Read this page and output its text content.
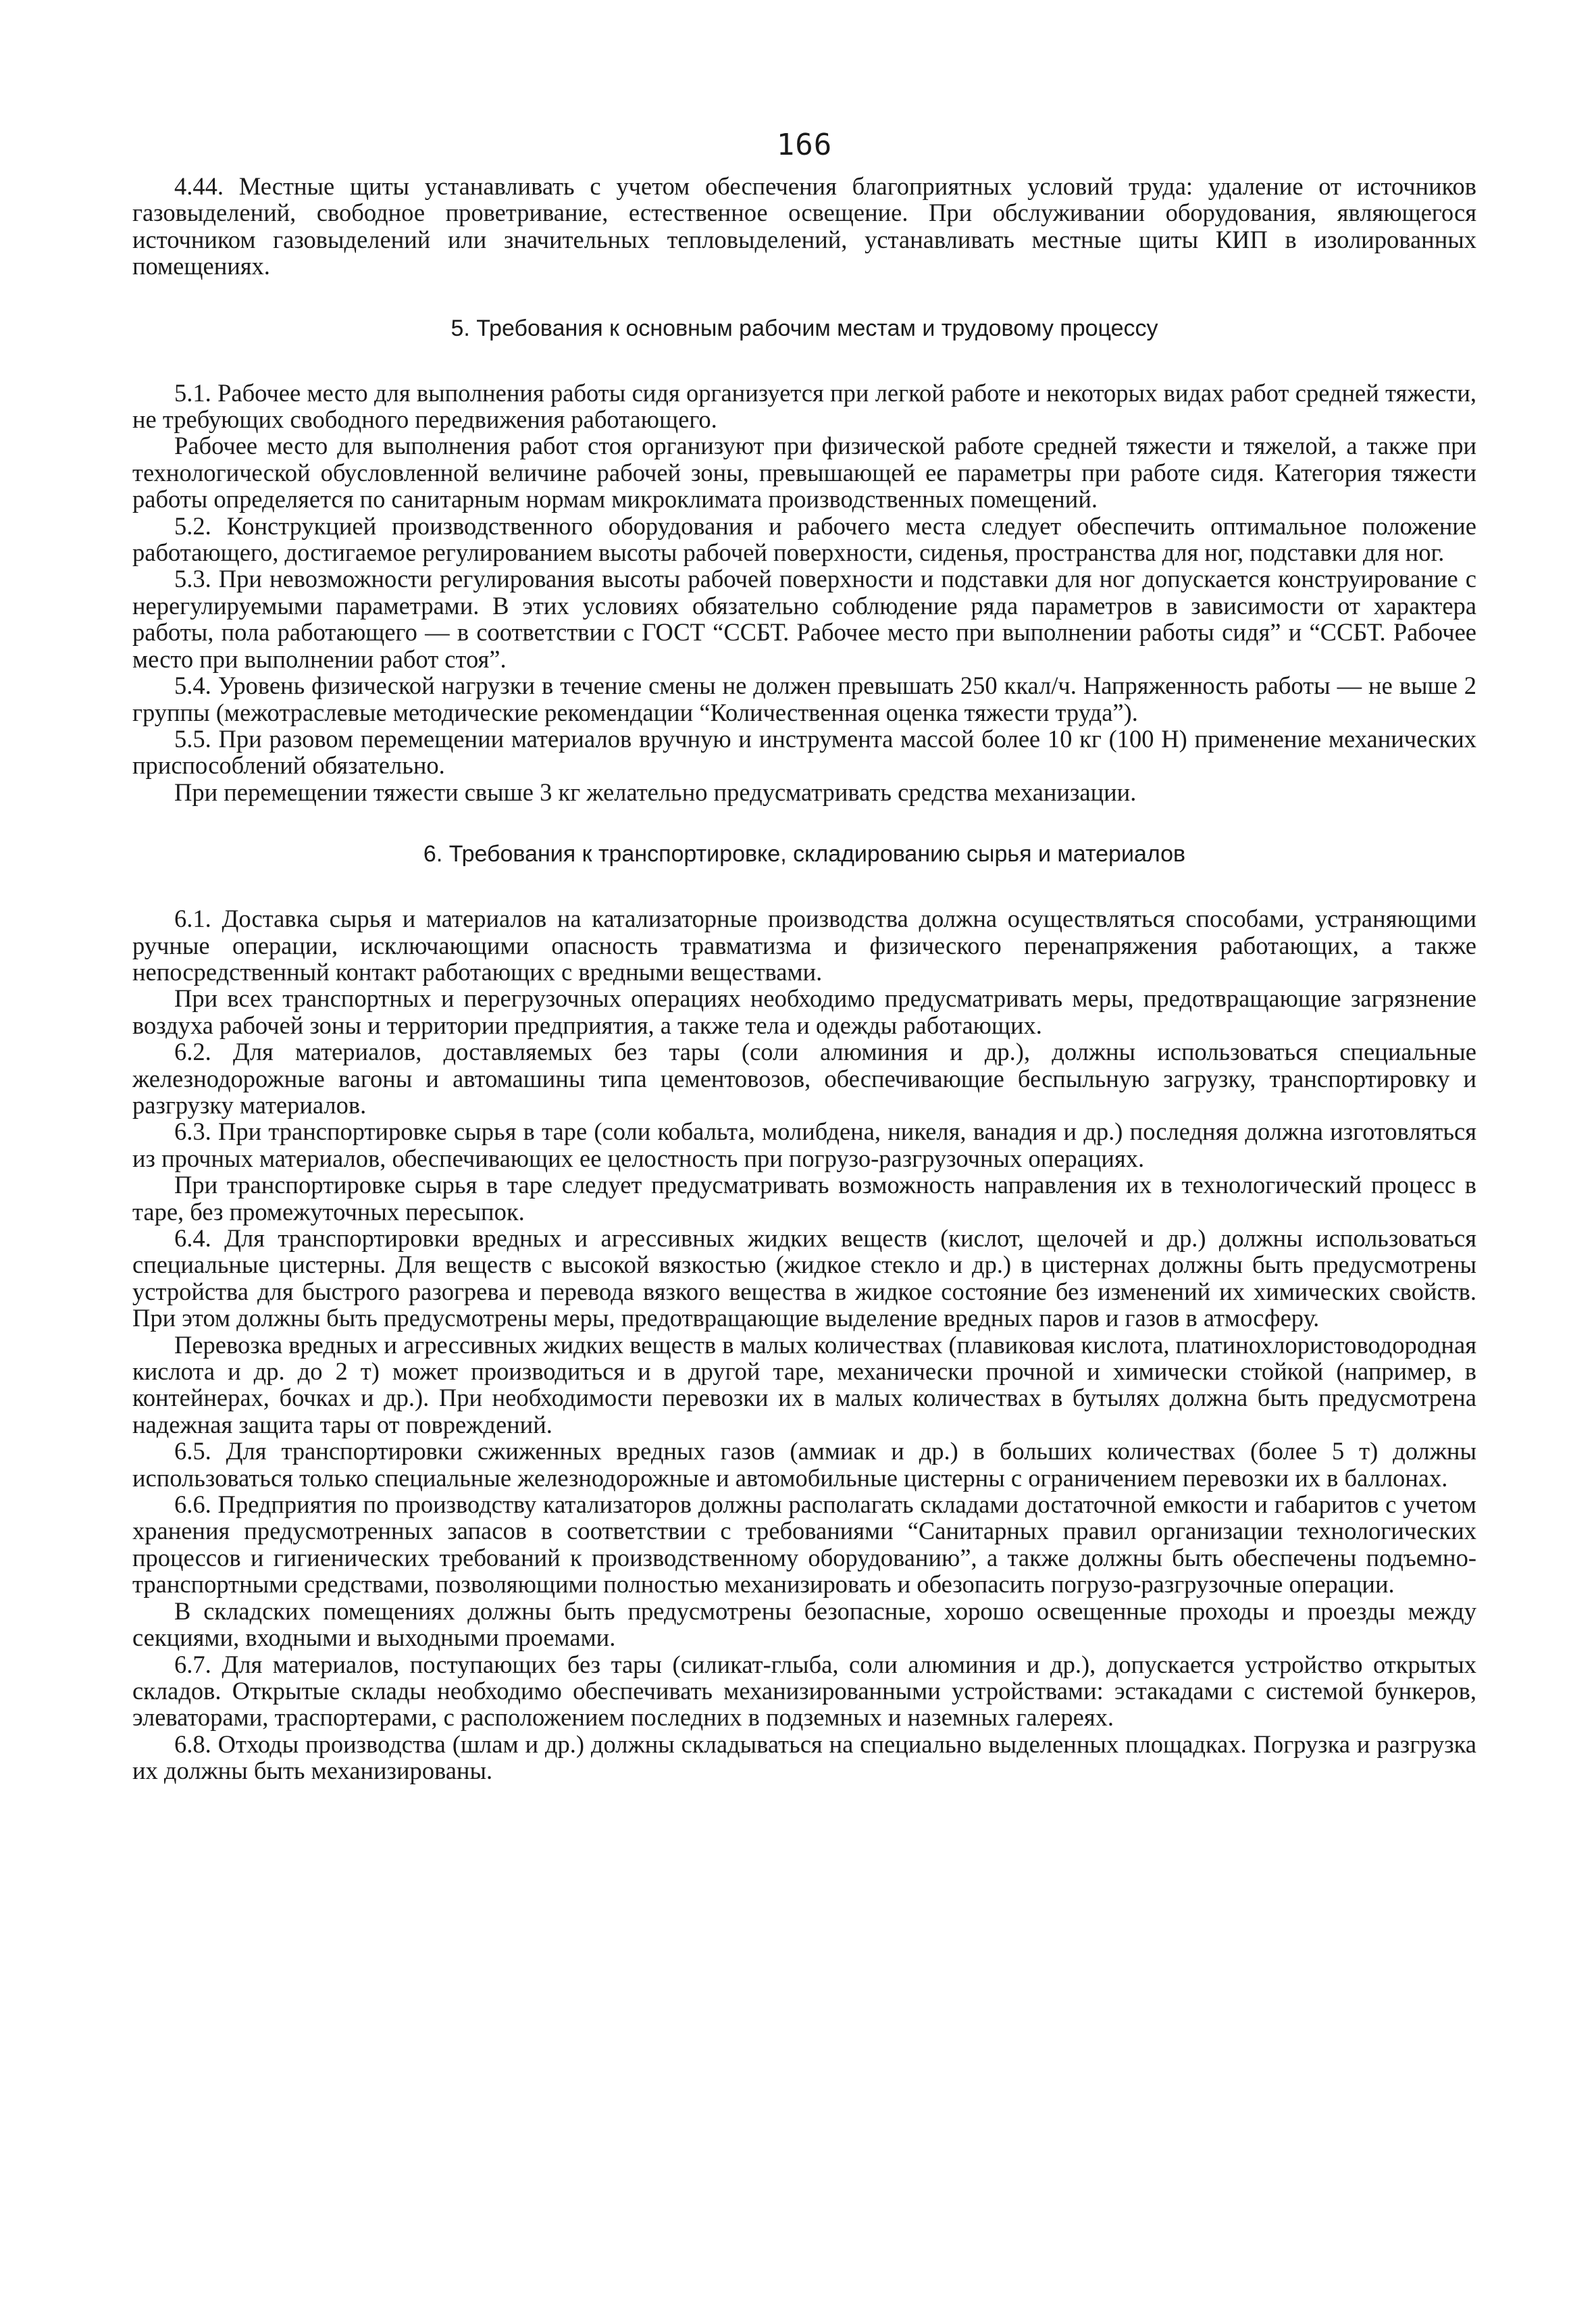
166

4.44. Местные щиты устанавливать с учетом обеспечения благоприятных условий труда: удаление от источников газовыделений, свободное проветривание, естественное освещение. При обслуживании оборудования, являющегося источником газовыделений или значительных тепловыделений, устанавливать местные щиты КИП в изолированных помещениях.

5. Требования к основным рабочим местам и трудовому процессу

5.1. Рабочее место для выполнения работы сидя организуется при легкой работе и некоторых видах работ средней тяжести, не требующих свободного передвижения работающего.

Рабочее место для выполнения работ стоя организуют при физической работе средней тяжести и тяжелой, а также при технологической обусловленной величине рабочей зоны, превышающей ее параметры при работе сидя. Категория тяжести работы определяется по санитарным нормам микроклимата производственных помещений.

5.2. Конструкцией производственного оборудования и рабочего места следует обеспечить оптимальное положение работающего, достигаемое регулированием высоты рабочей поверхности, сиденья, пространства для ног, подставки для ног.

5.3. При невозможности регулирования высоты рабочей поверхности и подставки для ног допускается конструирование с нерегулируемыми параметрами. В этих условиях обязательно соблюдение ряда параметров в зависимости от характера работы, пола работающего — в соответствии с ГОСТ “ССБТ. Рабочее место при выполнении работы сидя” и “ССБТ. Рабочее место при выполнении работ стоя”.

5.4. Уровень физической нагрузки в течение смены не должен превышать 250 ккал/ч. Напряженность работы — не выше 2 группы (межотраслевые методические рекомендации “Количественная оценка тяжести труда”).

5.5. При разовом перемещении материалов вручную и инструмента массой более 10 кг (100 Н) применение механических приспособлений обязательно.

При перемещении тяжести свыше 3 кг желательно предусматривать средства механизации.

6. Требования к транспортировке, складированию сырья и материалов

6.1. Доставка сырья и материалов на катализаторные производства должна осуществляться способами, устраняющими ручные операции, исключающими опасность травматизма и физического перенапряжения работающих, а также непосредственный контакт работающих с вредными веществами.

При всех транспортных и перегрузочных операциях необходимо предусматривать меры, предотвращающие загрязнение воздуха рабочей зоны и территории предприятия, а также тела и одежды работающих.

6.2. Для материалов, доставляемых без тары (соли алюминия и др.), должны использоваться специальные железнодорожные вагоны и автомашины типа цементовозов, обеспечивающие беспыльную загрузку, транспортировку и разгрузку материалов.

6.3. При транспортировке сырья в таре (соли кобальта, молибдена, никеля, ванадия и др.) последняя должна изготовляться из прочных материалов, обеспечивающих ее целостность при погрузо-разгрузочных операциях.

При транспортировке сырья в таре следует предусматривать возможность направления их в технологический процесс в таре, без промежуточных пересыпок.

6.4. Для транспортировки вредных и агрессивных жидких веществ (кислот, щелочей и др.) должны использоваться специальные цистерны. Для веществ с высокой вязкостью (жидкое стекло и др.) в цистернах должны быть предусмотрены устройства для быстрого разогрева и перевода вязкого вещества в жидкое состояние без изменений их химических свойств. При этом должны быть предусмотрены меры, предотвращающие выделение вредных паров и газов в атмосферу.

Перевозка вредных и агрессивных жидких веществ в малых количествах (плавиковая кислота, платинохлористоводородная кислота и др. до 2 т) может производиться и в другой таре, механически прочной и химически стойкой (например, в контейнерах, бочках и др.). При необходимости перевозки их в малых количествах в бутылях должна быть предусмотрена надежная защита тары от повреждений.

6.5. Для транспортировки сжиженных вредных газов (аммиак и др.) в больших количествах (более 5 т) должны использоваться только специальные железнодорожные и автомобильные цистерны с ограничением перевозки их в баллонах.

6.6. Предприятия по производству катализаторов должны располагать складами достаточной емкости и габаритов с учетом хранения предусмотренных запасов в соответствии с требованиями “Санитарных правил организации технологических процессов и гигиенических требований к производственному оборудованию”, а также должны быть обеспечены подъемно-транспортными средствами, позволяющими полностью механизировать и обезопасить погрузо-разгрузочные операции.

В складских помещениях должны быть предусмотрены безопасные, хорошо освещенные проходы и проезды между секциями, входными и выходными проемами.

6.7. Для материалов, поступающих без тары (силикат-глыба, соли алюминия и др.), допускается устройство открытых складов. Открытые склады необходимо обеспечивать механизированными устройствами: эстакадами с системой бункеров, элеваторами, траспортерами, с расположением последних в подземных и наземных галереях.

6.8. Отходы производства (шлам и др.) должны складываться на специально выделенных площадках. Погрузка и разгрузка их должны быть механизированы.
